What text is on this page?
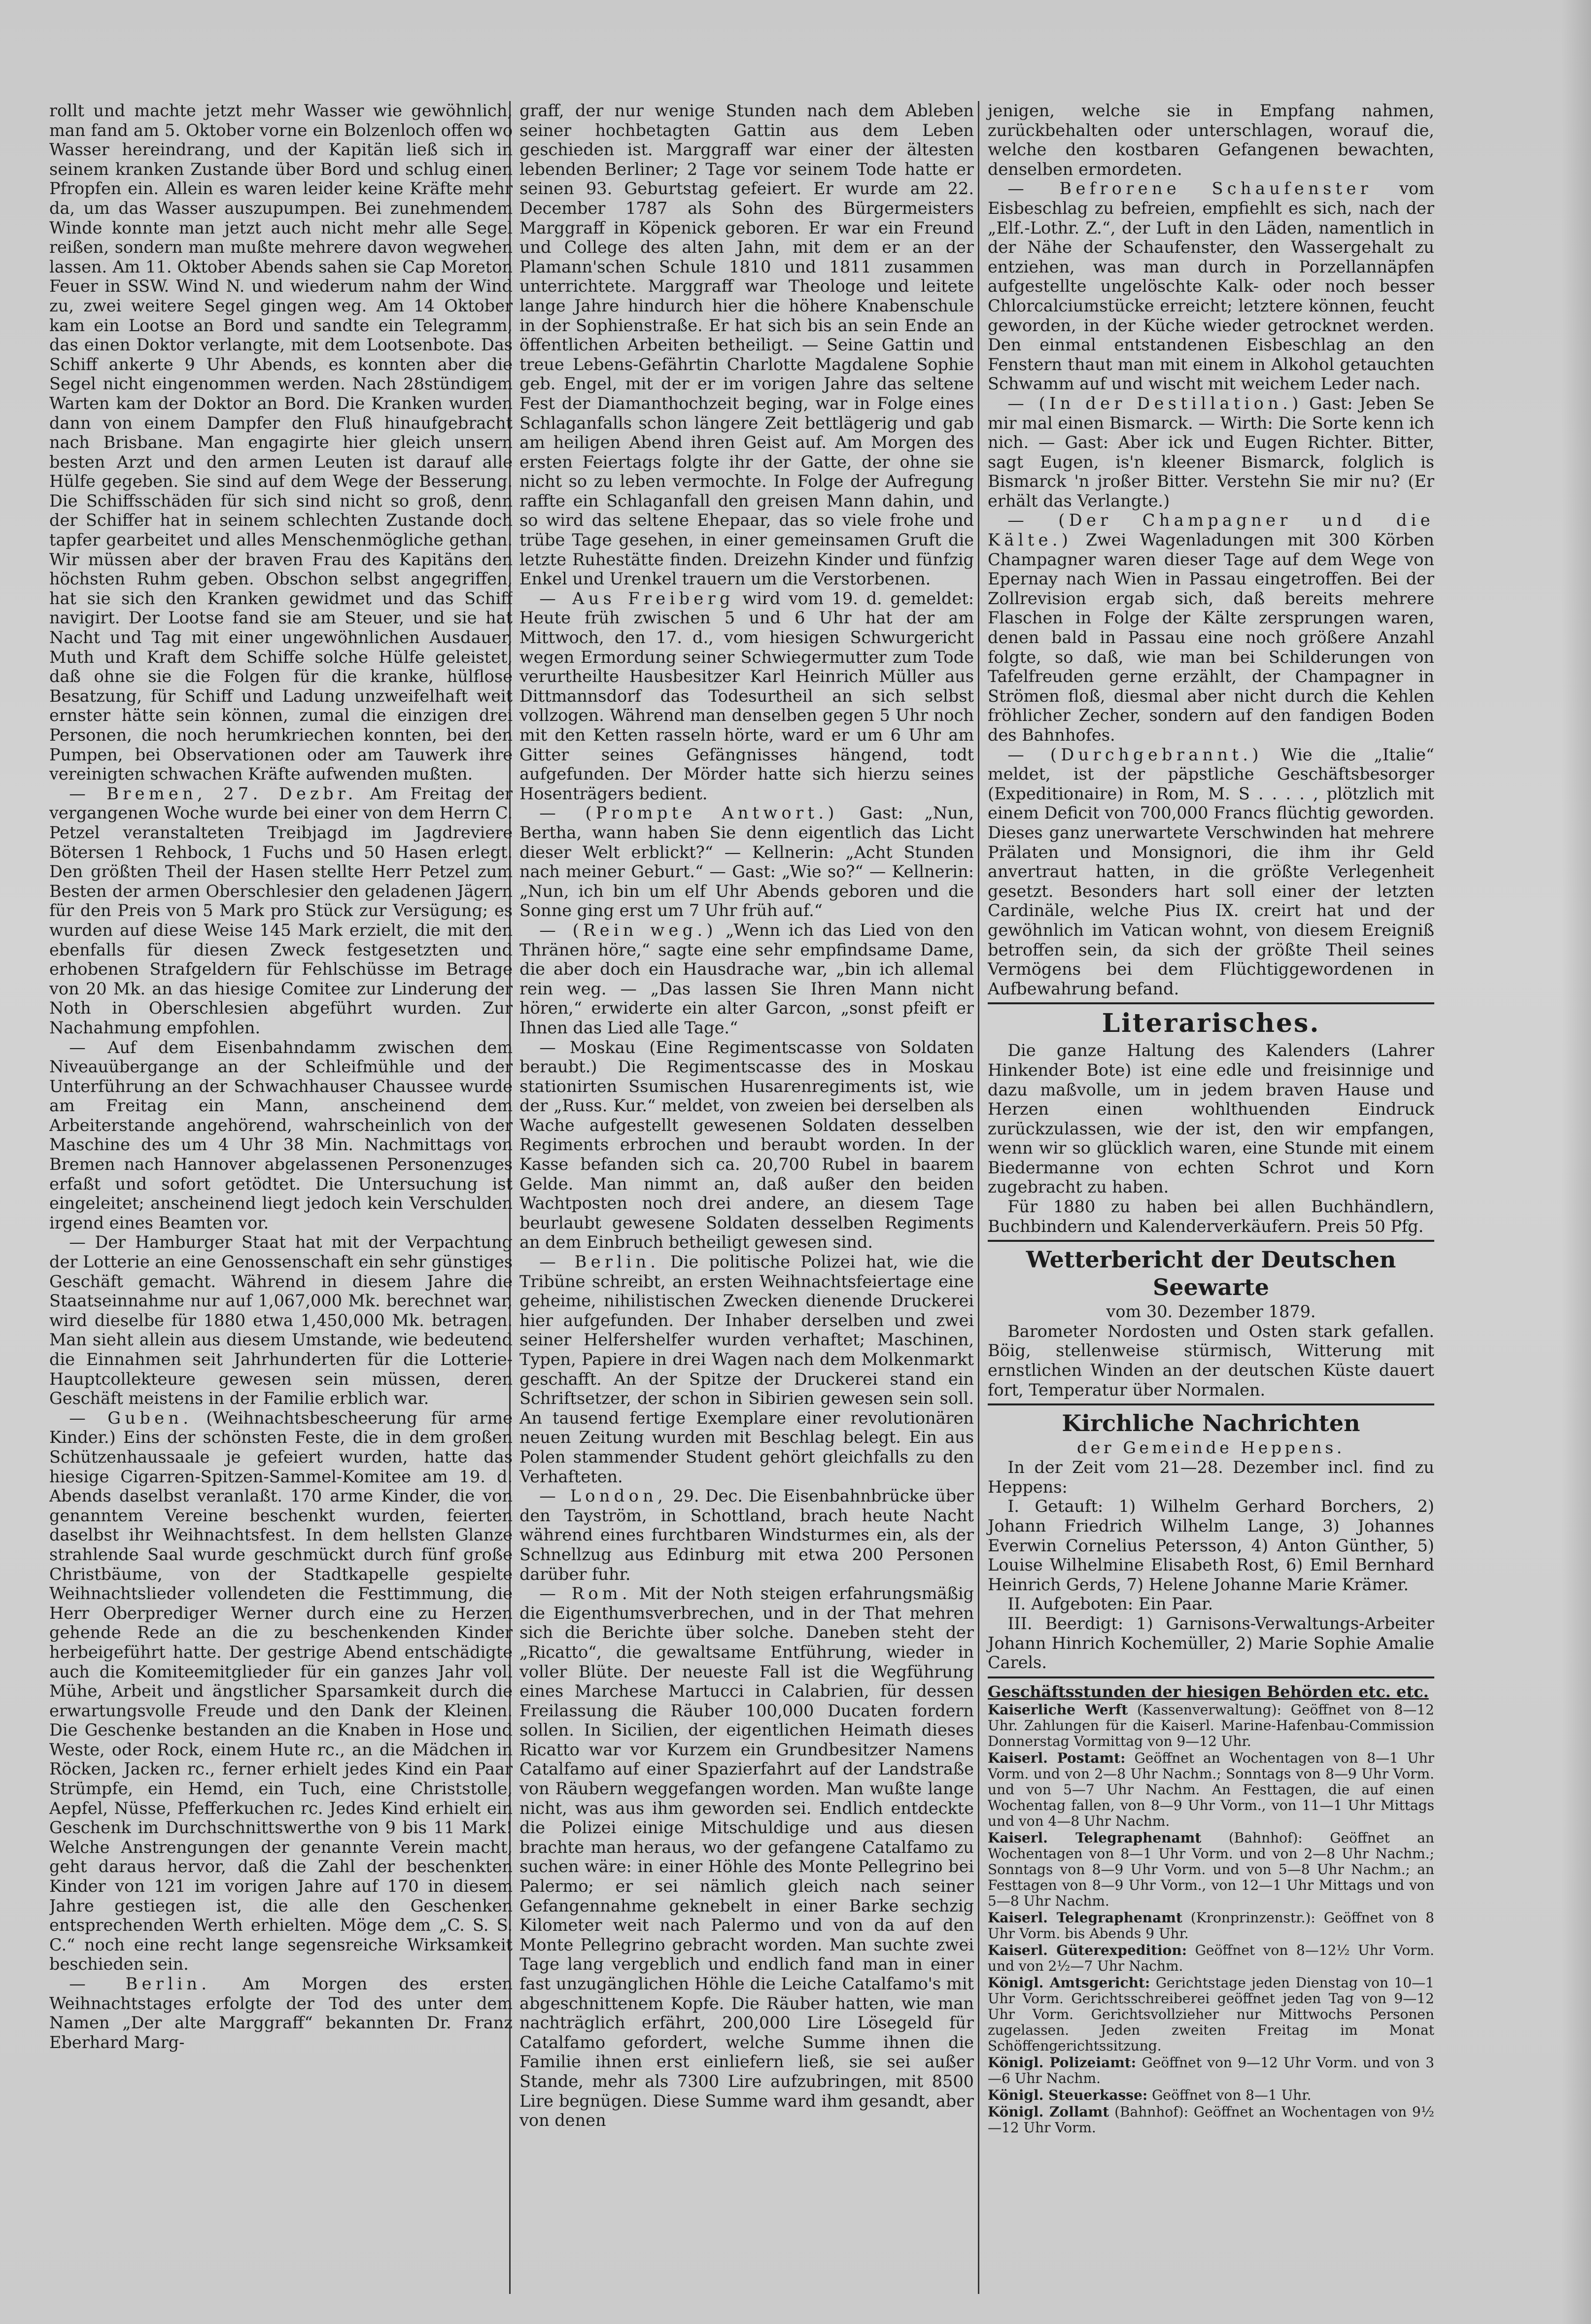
rollt und machte jetzt mehr Wasser wie gewöhnlich, man fand am 5. Oktober vorne ein Bolzenloch offen wo Wasser hereindrang, und der Kapitän ließ sich in seinem kranken Zustande über Bord und schlug einen Pfropfen ein. Allein es waren leider keine Kräfte mehr da, um das Wasser auszupumpen. Bei zunehmendem Winde konnte man jetzt auch nicht mehr alle Segel reißen, sondern man mußte mehrere davon wegwehen lassen. Am 11. Oktober Abends sahen sie Cap Moreton Feuer in SSW. Wind N. und wiederum nahm der Wind zu, zwei weitere Segel gingen weg. Am 14 Oktober kam ein Lootse an Bord und sandte ein Telegramm, das einen Doktor verlangte, mit dem Lootsenbote. Das Schiff ankerte 9 Uhr Abends, es konnten aber die Segel nicht eingenommen werden. Nach 28stündigem Warten kam der Doktor an Bord. Die Kranken wurden dann von einem Dampfer den Fluß hinaufgebracht nach Brisbane. Man engagirte hier gleich unsern besten Arzt und den armen Leuten ist darauf alle Hülfe gegeben. Sie sind auf dem Wege der Besserung. Die Schiffsschäden für sich sind nicht so groß, denn der Schiffer hat in seinem schlechten Zustande doch tapfer gearbeitet und alles Menschenmögliche gethan. Wir müssen aber der braven Frau des Kapitäns den höchsten Ruhm geben. Obschon selbst angegriffen, hat sie sich den Kranken gewidmet und das Schiff navigirt. Der Lootse fand sie am Steuer, und sie hat Nacht und Tag mit einer ungewöhnlichen Ausdauer, Muth und Kraft dem Schiffe solche Hülfe geleistet, daß ohne sie die Folgen für die kranke, hülflose Besatzung, für Schiff und Ladung unzweifelhaft weit ernster hätte sein können, zumal die einzigen drei Personen, die noch herumkriechen konnten, bei den Pumpen, bei Observationen oder am Tauwerk ihre vereinigten schwachen Kräfte aufwenden mußten.

— Bremen, 27. Dezbr. Am Freitag der vergangenen Woche wurde bei einer von dem Herrn C. Petzel veranstalteten Treibjagd im Jagdreviere Bötersen 1 Rehbock, 1 Fuchs und 50 Hasen erlegt. Den größten Theil der Hasen stellte Herr Petzel zum Besten der armen Oberschlesier den geladenen Jägern für den Preis von 5 Mark pro Stück zur Versügung; es wurden auf diese Weise 145 Mark erzielt, die mit den ebenfalls für diesen Zweck festgesetzten und erhobenen Strafgeldern für Fehlschüsse im Betrage von 20 Mk. an das hiesige Comitee zur Linderung der Noth in Oberschlesien abgeführt wurden. Zur Nachahmung empfohlen.

— Auf dem Eisenbahndamm zwischen dem Niveauübergange an der Schleifmühle und der Unterführung an der Schwachhauser Chaussee wurde am Freitag ein Mann, anscheinend dem Arbeiterstande angehörend, wahrscheinlich von der Maschine des um 4 Uhr 38 Min. Nachmittags von Bremen nach Hannover abgelassenen Personenzuges erfaßt und sofort getödtet. Die Untersuchung ist eingeleitet; anscheinend liegt jedoch kein Verschulden irgend eines Beamten vor.

— Der Hamburger Staat hat mit der Verpachtung der Lotterie an eine Genossenschaft ein sehr günstiges Geschäft gemacht. Während in diesem Jahre die Staatseinnahme nur auf 1,067,000 Mk. berechnet war, wird dieselbe für 1880 etwa 1,450,000 Mk. betragen. Man sieht allein aus diesem Umstande, wie bedeutend die Einnahmen seit Jahrhunderten für die Lotterie-Hauptcollekteure gewesen sein müssen, deren Geschäft meistens in der Familie erblich war.

— Guben. (Weihnachtsbescheerung für arme Kinder.) Eins der schönsten Feste, die in dem großen Schützenhaussaale je gefeiert wurden, hatte das hiesige Cigarren-Spitzen-Sammel-Komitee am 19. d. Abends daselbst veranlaßt. 170 arme Kinder, die von genanntem Vereine beschenkt wurden, feierten daselbst ihr Weihnachtsfest. In dem hellsten Glanze strahlende Saal wurde geschmückt durch fünf große Christbäume, von der Stadtkapelle gespielte Weihnachtslieder vollendeten die Festtimmung, die Herr Oberprediger Werner durch eine zu Herzen gehende Rede an die zu beschenkenden Kinder herbeigeführt hatte. Der gestrige Abend entschädigte auch die Komiteemitglieder für ein ganzes Jahr voll Mühe, Arbeit und ängstlicher Sparsamkeit durch die erwartungsvolle Freude und den Dank der Kleinen. Die Geschenke bestanden an die Knaben in Hose und Weste, oder Rock, einem Hute rc., an die Mädchen in Röcken, Jacken rc., ferner erhielt jedes Kind ein Paar Strümpfe, ein Hemd, ein Tuch, eine Christstolle, Aepfel, Nüsse, Pfefferkuchen rc. Jedes Kind erhielt ein Geschenk im Durchschnittswerthe von 9 bis 11 Mark! Welche Anstrengungen der genannte Verein macht, geht daraus hervor, daß die Zahl der beschenkten Kinder von 121 im vorigen Jahre auf 170 in diesem Jahre gestiegen ist, die alle den Geschenken entsprechenden Werth erhielten. Möge dem „C. S. S. C.“ noch eine recht lange segensreiche Wirksamkeit beschieden sein.

— Berlin. Am Morgen des ersten Weihnachtstages erfolgte der Tod des unter dem Namen „Der alte Marggraff“ bekannten Dr. Franz Eberhard Marg-

graff, der nur wenige Stunden nach dem Ableben seiner hochbetagten Gattin aus dem Leben geschieden ist. Marggraff war einer der ältesten lebenden Berliner; 2 Tage vor seinem Tode hatte er seinen 93. Geburtstag gefeiert. Er wurde am 22. December 1787 als Sohn des Bürgermeisters Marggraff in Köpenick geboren. Er war ein Freund und College des alten Jahn, mit dem er an der Plamann'schen Schule 1810 und 1811 zusammen unterrichtete. Marggraff war Theologe und leitete lange Jahre hindurch hier die höhere Knabenschule in der Sophienstraße. Er hat sich bis an sein Ende an öffentlichen Arbeiten betheiligt. — Seine Gattin und treue Lebens-Gefährtin Charlotte Magdalene Sophie geb. Engel, mit der er im vorigen Jahre das seltene Fest der Diamanthochzeit beging, war in Folge eines Schlaganfalls schon längere Zeit bettlägerig und gab am heiligen Abend ihren Geist auf. Am Morgen des ersten Feiertags folgte ihr der Gatte, der ohne sie nicht so zu leben vermochte. In Folge der Aufregung raffte ein Schlaganfall den greisen Mann dahin, und so wird das seltene Ehepaar, das so viele frohe und trübe Tage gesehen, in einer gemeinsamen Gruft die letzte Ruhestätte finden. Dreizehn Kinder und fünfzig Enkel und Urenkel trauern um die Verstorbenen.

— Aus Freiberg wird vom 19. d. gemeldet: Heute früh zwischen 5 und 6 Uhr hat der am Mittwoch, den 17. d., vom hiesigen Schwurgericht wegen Ermordung seiner Schwiegermutter zum Tode verurtheilte Hausbesitzer Karl Heinrich Müller aus Dittmannsdorf das Todesurtheil an sich selbst vollzogen. Während man denselben gegen 5 Uhr noch mit den Ketten rasseln hörte, ward er um 6 Uhr am Gitter seines Gefängnisses hängend, todt aufgefunden. Der Mörder hatte sich hierzu seines Hosenträgers bedient.

— (Prompte Antwort.) Gast: „Nun, Bertha, wann haben Sie denn eigentlich das Licht dieser Welt erblickt?“ — Kellnerin: „Acht Stunden nach meiner Geburt.“ — Gast: „Wie so?“ — Kellnerin: „Nun, ich bin um elf Uhr Abends geboren und die Sonne ging erst um 7 Uhr früh auf.“

— (Rein weg.) „Wenn ich das Lied von den Thränen höre,“ sagte eine sehr empfindsame Dame, die aber doch ein Hausdrache war, „bin ich allemal rein weg. — „Das lassen Sie Ihren Mann nicht hören,“ erwiderte ein alter Garcon, „sonst pfeift er Ihnen das Lied alle Tage.“

— Moskau (Eine Regimentscasse von Soldaten beraubt.) Die Regimentscasse des in Moskau stationirten Ssumischen Husarenregiments ist, wie der „Russ. Kur.“ meldet, von zweien bei derselben als Wache aufgestellt gewesenen Soldaten desselben Regiments erbrochen und beraubt worden. In der Kasse befanden sich ca. 20,700 Rubel in baarem Gelde. Man nimmt an, daß außer den beiden Wachtposten noch drei andere, an diesem Tage beurlaubt gewesene Soldaten desselben Regiments an dem Einbruch betheiligt gewesen sind.

— Berlin. Die politische Polizei hat, wie die Tribüne schreibt, an ersten Weihnachtsfeiertage eine geheime, nihilistischen Zwecken dienende Druckerei hier aufgefunden. Der Inhaber derselben und zwei seiner Helfershelfer wurden verhaftet; Maschinen, Typen, Papiere in drei Wagen nach dem Molkenmarkt geschafft. An der Spitze der Druckerei stand ein Schriftsetzer, der schon in Sibirien gewesen sein soll. An tausend fertige Exemplare einer revolutionären neuen Zeitung wurden mit Beschlag belegt. Ein aus Polen stammender Student gehört gleichfalls zu den Verhafteten.

— London, 29. Dec. Die Eisenbahnbrücke über den Tayström, in Schottland, brach heute Nacht während eines furchtbaren Windsturmes ein, als der Schnellzug aus Edinburg mit etwa 200 Personen darüber fuhr.

— Rom. Mit der Noth steigen erfahrungsmäßig die Eigenthumsverbrechen, und in der That mehren sich die Berichte über solche. Daneben steht der „Ricatto“, die gewaltsame Entführung, wieder in voller Blüte. Der neueste Fall ist die Wegführung eines Marchese Martucci in Calabrien, für dessen Freilassung die Räuber 100,000 Ducaten fordern sollen. In Sicilien, der eigentlichen Heimath dieses Ricatto war vor Kurzem ein Grundbesitzer Namens Catalfamo auf einer Spazierfahrt auf der Landstraße von Räubern weggefangen worden. Man wußte lange nicht, was aus ihm geworden sei. Endlich entdeckte die Polizei einige Mitschuldige und aus diesen brachte man heraus, wo der gefangene Catalfamo zu suchen wäre: in einer Höhle des Monte Pellegrino bei Palermo; er sei nämlich gleich nach seiner Gefangennahme geknebelt in einer Barke sechzig Kilometer weit nach Palermo und von da auf den Monte Pellegrino gebracht worden. Man suchte zwei Tage lang vergeblich und endlich fand man in einer fast unzugänglichen Höhle die Leiche Catalfamo's mit abgeschnittenem Kopfe. Die Räuber hatten, wie man nachträglich erfährt, 200,000 Lire Lösegeld für Catalfamo gefordert, welche Summe ihnen die Familie ihnen erst einliefern ließ, sie sei außer Stande, mehr als 7300 Lire aufzubringen, mit 8500 Lire begnügen. Diese Summe ward ihm gesandt, aber von denen

jenigen, welche sie in Empfang nahmen, zurückbehalten oder unterschlagen, worauf die, welche den kostbaren Gefangenen bewachten, denselben ermordeten.

— Befrorene Schaufenster vom Eisbeschlag zu befreien, empfiehlt es sich, nach der „Elf.-Lothr. Z.“, der Luft in den Läden, namentlich in der Nähe der Schaufenster, den Wassergehalt zu entziehen, was man durch in Porzellannäpfen aufgestellte ungelöschte Kalk- oder noch besser Chlorcalciumstücke erreicht; letztere können, feucht geworden, in der Küche wieder getrocknet werden. Den einmal entstandenen Eisbeschlag an den Fenstern thaut man mit einem in Alkohol getauchten Schwamm auf und wischt mit weichem Leder nach.

— (In der Destillation.) Gast: Jeben Se mir mal einen Bismarck. — Wirth: Die Sorte kenn ich nich. — Gast: Aber ick und Eugen Richter. Bitter, sagt Eugen, is'n kleener Bismarck, folglich is Bismarck 'n jroßer Bitter. Verstehn Sie mir nu? (Er erhält das Verlangte.)

— (Der Champagner und die Kälte.) Zwei Wagenladungen mit 300 Körben Champagner waren dieser Tage auf dem Wege von Epernay nach Wien in Passau eingetroffen. Bei der Zollrevision ergab sich, daß bereits mehrere Flaschen in Folge der Kälte zersprungen waren, denen bald in Passau eine noch größere Anzahl folgte, so daß, wie man bei Schilderungen von Tafelfreuden gerne erzählt, der Champagner in Strömen floß, diesmal aber nicht durch die Kehlen fröhlicher Zecher, sondern auf den fandigen Boden des Bahnhofes.

— (Durchgebrannt.) Wie die „Italie“ meldet, ist der päpstliche Geschäftsbesorger (Expeditionaire) in Rom, M. S . . . . , plötzlich mit einem Deficit von 700,000 Francs flüchtig geworden. Dieses ganz unerwartete Verschwinden hat mehrere Prälaten und Monsignori, die ihm ihr Geld anvertraut hatten, in die größte Verlegenheit gesetzt. Besonders hart soll einer der letzten Cardinäle, welche Pius IX. creirt hat und der gewöhnlich im Vatican wohnt, von diesem Ereigniß betroffen sein, da sich der größte Theil seines Vermögens bei dem Flüchtiggewordenen in Aufbewahrung befand.

Literarisches.

Die ganze Haltung des Kalenders (Lahrer Hinkender Bote) ist eine edle und freisinnige und dazu maßvolle, um in jedem braven Hause und Herzen einen wohlthuenden Eindruck zurückzulassen, wie der ist, den wir empfangen, wenn wir so glücklich waren, eine Stunde mit einem Biedermanne von echten Schrot und Korn zugebracht zu haben.

Für 1880 zu haben bei allen Buchhändlern, Buchbindern und Kalenderverkäufern. Preis 50 Pfg.

Wetterbericht der Deutschen Seewarte
vom 30. Dezember 1879.

Barometer Nordosten und Osten stark gefallen. Böig, stellenweise stürmisch, Witterung mit ernstlichen Winden an der deutschen Küste dauert fort, Temperatur über Normalen.

Kirchliche Nachrichten
der Gemeinde Heppens.

In der Zeit vom 21—28. Dezember incl. find zu Heppens:

I. Getauft: 1) Wilhelm Gerhard Borchers, 2) Johann Friedrich Wilhelm Lange, 3) Johannes Everwin Cornelius Petersson, 4) Anton Günther, 5) Louise Wilhelmine Elisabeth Rost, 6) Emil Bernhard Heinrich Gerds, 7) Helene Johanne Marie Krämer.

II. Aufgeboten: Ein Paar.

III. Beerdigt: 1) Garnisons-Verwaltungs-Arbeiter Johann Hinrich Kochemüller, 2) Marie Sophie Amalie Carels.

Geschäftsstunden der hiesigen Behörden etc. etc.

Kaiserliche Werft (Kassenverwaltung): Geöffnet von 8—12 Uhr. Zahlungen für die Kaiserl. Marine-Hafenbau-Commission Donnerstag Vormittag von 9—12 Uhr.

Kaiserl. Postamt: Geöffnet an Wochentagen von 8—1 Uhr Vorm. und von 2—8 Uhr Nachm.; Sonntags von 8—9 Uhr Vorm. und von 5—7 Uhr Nachm. An Festtagen, die auf einen Wochentag fallen, von 8—9 Uhr Vorm., von 11—1 Uhr Mittags und von 4—8 Uhr Nachm.

Kaiserl. Telegraphenamt (Bahnhof): Geöffnet an Wochentagen von 8—1 Uhr Vorm. und von 2—8 Uhr Nachm.; Sonntags von 8—9 Uhr Vorm. und von 5—8 Uhr Nachm.; an Festtagen von 8—9 Uhr Vorm., von 12—1 Uhr Mittags und von 5—8 Uhr Nachm.

Kaiserl. Telegraphenamt (Kronprinzenstr.): Geöffnet von 8 Uhr Vorm. bis Abends 9 Uhr.

Kaiserl. Güterexpedition: Geöffnet von 8—12½ Uhr Vorm. und von 2½—7 Uhr Nachm.

Königl. Amtsgericht: Gerichtstage jeden Dienstag von 10—1 Uhr Vorm. Gerichtsschreiberei geöffnet jeden Tag von 9—12 Uhr Vorm. Gerichtsvollzieher nur Mittwochs Personen zugelassen. Jeden zweiten Freitag im Monat Schöffengerichtssitzung.

Königl. Polizeiamt: Geöffnet von 9—12 Uhr Vorm. und von 3—6 Uhr Nachm.

Königl. Steuerkasse: Geöffnet von 8—1 Uhr.

Königl. Zollamt (Bahnhof): Geöffnet an Wochentagen von 9½—12 Uhr Vorm.
